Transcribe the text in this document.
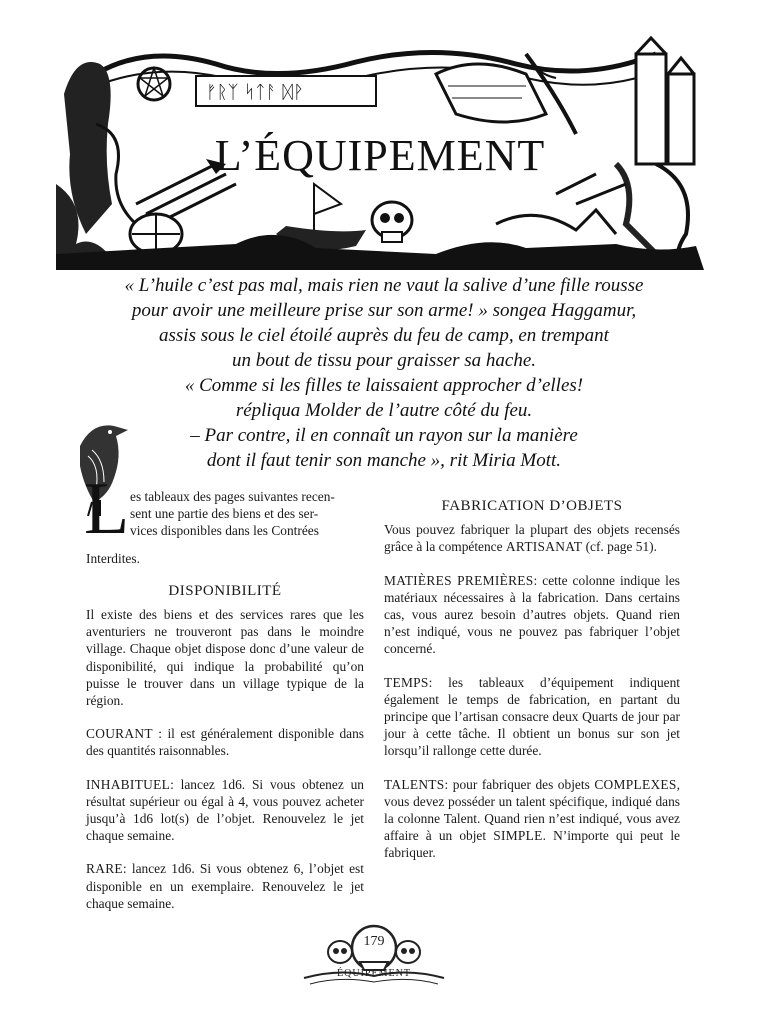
ᚠᚱᛉ ᛋᛏᚨ ᛞᚹ
L’ÉQUIPEMENT
« L’huile c’est pas mal, mais rien ne vaut la salive d’une fille rousse
pour avoir une meilleure prise sur son arme! » songea Haggamur,
assis sous le ciel étoilé auprès du feu de camp, en trempant
un bout de tissu pour graisser sa hache.
« Comme si les filles te laissaient approcher d’elles!
répliqua Molder de l’autre côté du feu.
– Par contre, il en connaît un rayon sur la manière
dont il faut tenir son manche », rit Miria Mott.
L es tableaux des pages suivantes recen-
sent une partie des biens et des ser-
vices disponibles dans les Contrées

Interdites.

DISPONIBILITÉ

Il existe des biens et des services rares que les aventuriers ne trouveront pas dans le moindre village. Chaque objet dispose donc d’une valeur de disponibilité, qui indique la probabilité qu’on puisse le trouver dans un village typique de la région.

COURANT : il est généralement disponible dans des quantités raisonnables.

INHABITUEL: lancez 1d6. Si vous obtenez un résultat supérieur ou égal à 4, vous pouvez acheter jusqu’à 1d6 lot(s) de l’objet. Renouvelez le jet chaque semaine.

RARE: lancez 1d6. Si vous obtenez 6, l’objet est disponible en un exemplaire. Renouvelez le jet chaque semaine.

FABRICATION D’OBJETS

Vous pouvez fabriquer la plupart des objets recensés grâce à la compétence ARTISANAT (cf. page 51).

MATIÈRES PREMIÈRES: cette colonne indique les matériaux nécessaires à la fabrication. Dans certains cas, vous aurez besoin d’autres objets. Quand rien n’est indiqué, vous ne pouvez pas fabriquer l’objet concerné.

TEMPS: les tableaux d’équipement indiquent également le temps de fabrication, en partant du principe que l’artisan consacre deux Quarts de jour par jour à cette tâche. Il obtient un bonus sur son jet lorsqu’il rallonge cette durée.

TALENTS: pour fabriquer des objets COMPLEXES, vous devez posséder un talent spécifique, indiqué dans la colonne Talent. Quand rien n’est indiqué, vous avez affaire à un objet SIMPLE. N’importe qui peut le fabriquer.

179
ÉQUIPEMENT
